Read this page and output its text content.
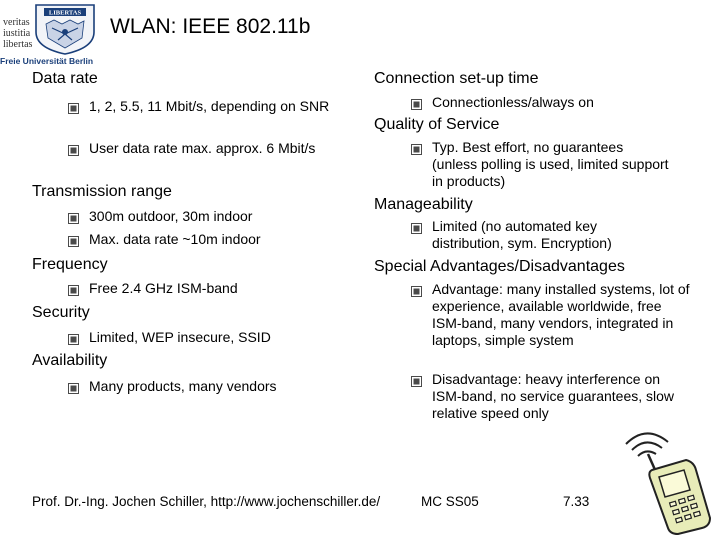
veritas
iustitia
libertas
LIBERTAS
Freie Universität Berlin
WLAN: IEEE 802.11b
Data rate
1, 2, 5.5, 11 Mbit/s, depending on SNR
User data rate max. approx. 6 Mbit/s
Transmission range
300m outdoor, 30m indoor
Max. data rate ~10m indoor
Frequency
Free 2.4 GHz ISM-band
Security
Limited, WEP insecure, SSID
Availability
Many products, many vendors
Connection set-up time
Connectionless/always on
Quality of Service
Typ. Best effort, no guarantees (unless polling is used, limited support in products)
Manageability
Limited (no automated key distribution, sym. Encryption)
Special Advantages/Disadvantages
Advantage: many installed systems, lot of experience, available worldwide, free ISM-band, many vendors, integrated in laptops, simple system
Disadvantage: heavy interference on ISM-band, no service guarantees, slow relative speed only
Prof. Dr.-Ing. Jochen Schiller, http://www.jochenschiller.de/	MC SS05	7.33
